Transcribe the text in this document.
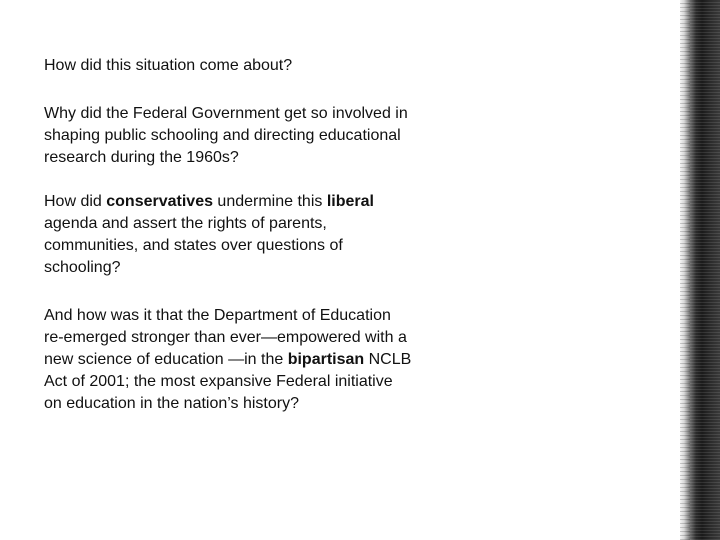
How did this situation come about?

Why did the Federal Government get so involved in shaping public schooling and directing educational research during the 1960s?

How did conservatives undermine this liberal agenda and assert the rights of parents, communities, and states over questions of schooling?

And how was it that the Department of Education re-emerged stronger than ever—empowered with a new science of education —in the bipartisan NCLB Act of 2001; the most expansive Federal initiative on education in the nation’s history?
